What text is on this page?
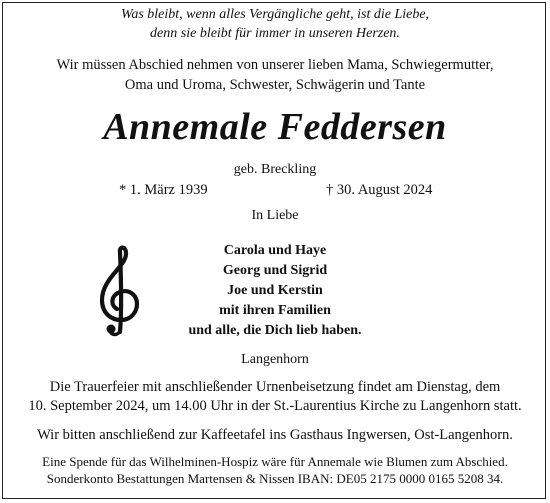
Was bleibt, wenn alles Vergängliche geht, ist die Liebe,
denn sie bleibt für immer in unseren Herzen.
Wir müssen Abschied nehmen von unserer lieben Mama, Schwiegermutter,
Oma und Uroma, Schwester, Schwägerin und Tante
Annemale Feddersen
geb. Breckling
* 1. März 1939	† 30. August 2024
In Liebe
Carola und Haye
Georg und Sigrid
Joe und Kerstin
mit ihren Familien
und alle, die Dich lieb haben.
Langenhorn
Die Trauerfeier mit anschließender Urnenbeisetzung findet am Dienstag, dem
10. September 2024, um 14.00 Uhr in der St.-Laurentius Kirche zu Langenhorn statt.
Wir bitten anschließend zur Kaffeetafel ins Gasthaus Ingwersen, Ost-Langenhorn.
Eine Spende für das Wilhelminen-Hospiz wäre für Annemale wie Blumen zum Abschied.
Sonderkonto Bestattungen Martensen & Nissen IBAN: DE05 2175 0000 0165 5208 34.
